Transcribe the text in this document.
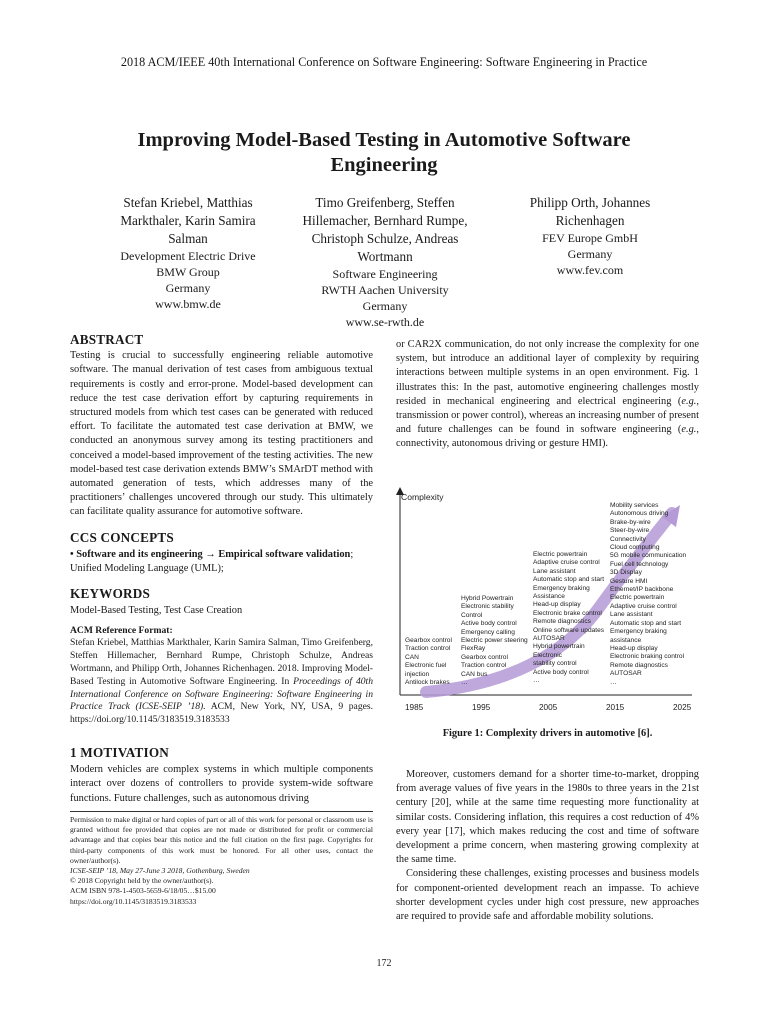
2018 ACM/IEEE 40th International Conference on Software Engineering: Software Engineering in Practice
Improving Model-Based Testing in Automotive Software
Engineering
Stefan Kriebel, Matthias
Markthaler, Karin Samira
Salman
Development Electric Drive
BMW Group
Germany
www.bmw.de
Timo Greifenberg, Steffen
Hillemacher, Bernhard Rumpe,
Christoph Schulze, Andreas
Wortmann
Software Engineering
RWTH Aachen University
Germany
www.se-rwth.de
Philipp Orth, Johannes
Richenhagen
FEV Europe GmbH
Germany
www.fev.com
ABSTRACT

Testing is crucial to successfully engineering reliable automotive software. The manual derivation of test cases from ambiguous textual requirements is costly and error-prone. Model-based development can reduce the test case derivation effort by capturing requirements in structured models from which test cases can be generated with reduced effort. To facilitate the automated test case derivation at BMW, we conducted an anonymous survey among its testing practitioners and conceived a model-based improvement of the testing activities. The new model-based test case derivation extends BMW’s SMArDT method with automated generation of tests, which addresses many of the practitioners’ challenges uncovered through our study. This ultimately can facilitate quality assurance for automotive software.

CCS CONCEPTS

• Software and its engineering → Empirical software validation; Unified Modeling Language (UML);

KEYWORDS

Model-Based Testing, Test Case Creation

ACM Reference Format:

Stefan Kriebel, Matthias Markthaler, Karin Samira Salman, Timo Greifenberg, Steffen Hillemacher, Bernhard Rumpe, Christoph Schulze, Andreas Wortmann, and Philipp Orth, Johannes Richenhagen. 2018. Improving Model-Based Testing in Automotive Software Engineering. In Proceedings of 40th International Conference on Software Engineering: Software Engineering in Practice Track (ICSE-SEIP ’18). ACM, New York, NY, USA, 9 pages. https://doi.org/10.1145/3183519.3183533

1 MOTIVATION

Modern vehicles are complex systems in which multiple components interact over dozens of controllers to provide system-wide software functions. Future challenges, such as autonomous driving

Permission to make digital or hard copies of part or all of this work for personal or classroom use is granted without fee provided that copies are not made or distributed for profit or commercial advantage and that copies bear this notice and the full citation on the first page. Copyrights for third-party components of this work must be honored. For all other uses, contact the owner/author(s).
ICSE-SEIP ’18, May 27-June 3 2018, Gothenburg, Sweden
© 2018 Copyright held by the owner/author(s).
ACM ISBN 978-1-4503-5659-6/18/05…$15.00
https://doi.org/10.1145/3183519.3183533

or CAR2X communication, do not only increase the complexity for one system, but introduce an additional layer of complexity by requiring interactions between multiple systems in an open environment. Fig. 1 illustrates this: In the past, automotive engineering challenges mostly resided in mechanical engineering and electrical engineering (e.g., transmission or power control), whereas an increasing number of present and future challenges can be found in software engineering (e.g., connectivity, autonomous driving or gesture HMI).

Complexity
Gearbox control
Traction control
CAN
Electronic fuel
injection
Antilock brakes
Hybrid Powertrain
Electronic stability
Control
Active body control
Emergency calling
Electric power steering
FlexRay
Gearbox control
Traction control
CAN bus
…
Electric powertrain
Adaptive cruise control
Lane assistant
Automatic stop and start
Emergency braking
Assistance
Head-up display
Electronic brake control
Remote diagnostics
Online software updates
AUTOSAR
Hybrid powertrain
Electronic
stability control
Active body control
…
Mobility services
Autonomous driving
Brake-by-wire
Steer-by-wire
Connectivity
Cloud computing
5G mobile communication
Fuel cell technology
3D Display
Gesture HMI
Ethernet/IP backbone
Electric powertrain
Adaptive cruise control
Lane assistant
Automatic stop and start
Emergency braking
assistance
Head-up display
Electronic braking control
Remote diagnostics
AUTOSAR
…
1985	1995	2005	2015	2025
Figure 1: Complexity drivers in automotive [6].

Moreover, customers demand for a shorter time-to-market, dropping from average values of five years in the 1980s to three years in the 21st century [20], while at the same time requesting more functionality at similar costs. Considering inflation, this requires a cost reduction of 4% every year [17], which makes reducing the cost and time of software development a prime concern, when mastering growing complexity at the same time.

Considering these challenges, existing processes and business models for component-oriented development reach an impasse. To achieve shorter development cycles under high cost pressure, new approaches are required to provide safe and affordable mobility solutions.

172
